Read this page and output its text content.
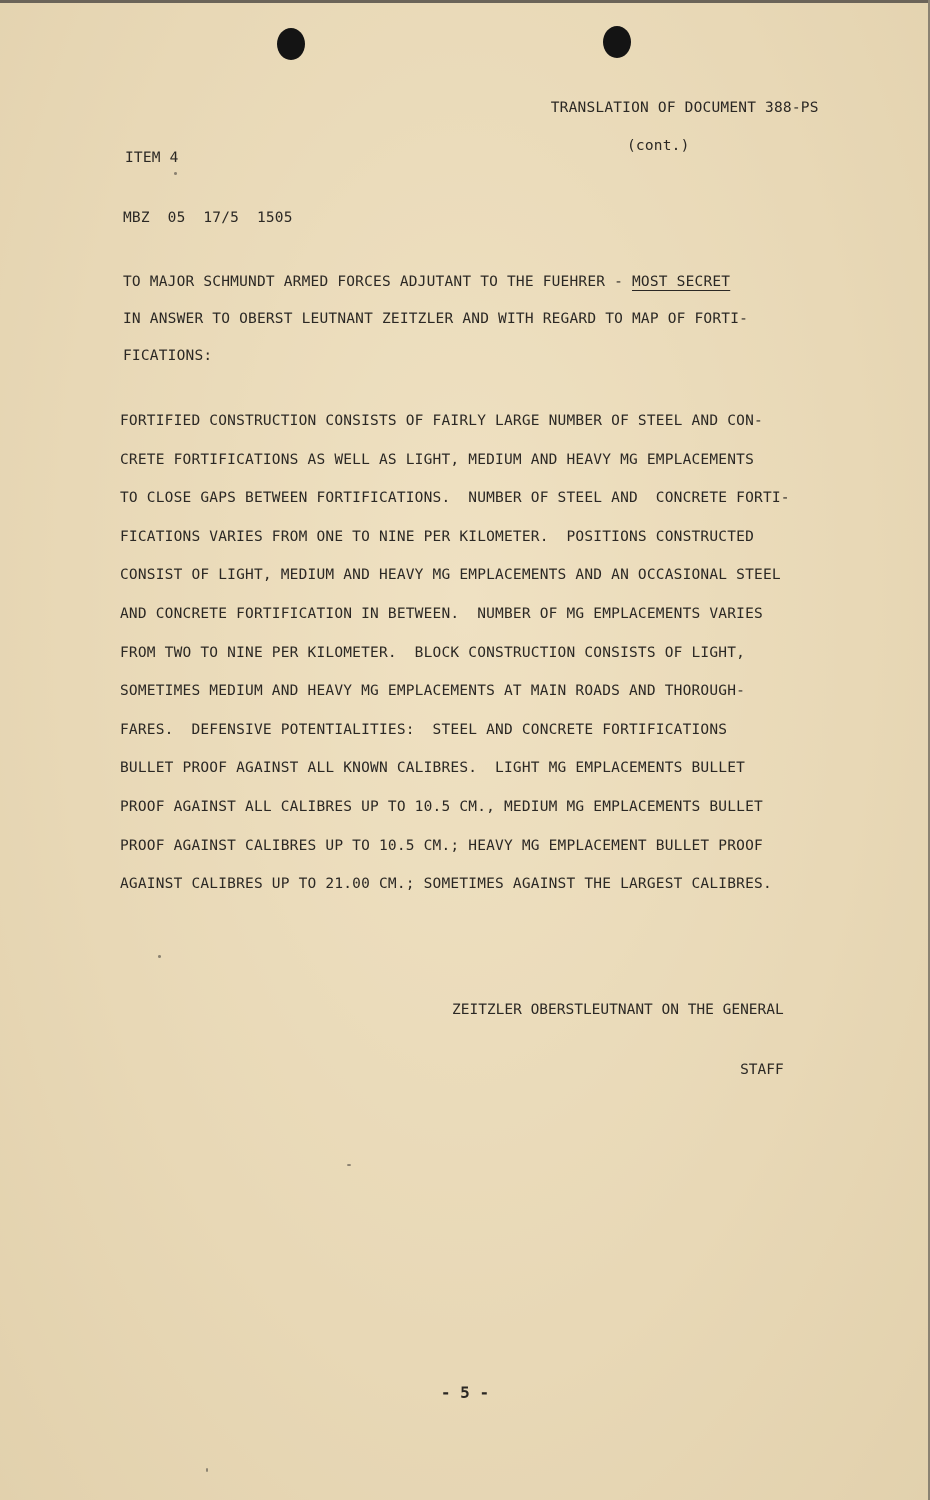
TRANSLATION OF DOCUMENT 388-PS

(cont.)

ITEM 4
MBZ  05  17/5  1505
TO MAJOR SCHMUNDT ARMED FORCES ADJUTANT TO THE FUEHRER - MOST SECRET
IN ANSWER TO OBERST LEUTNANT ZEITZLER AND WITH REGARD TO MAP OF FORTI-
FICATIONS:
FORTIFIED CONSTRUCTION CONSISTS OF FAIRLY LARGE NUMBER OF STEEL AND CON-
CRETE FORTIFICATIONS AS WELL AS LIGHT, MEDIUM AND HEAVY MG EMPLACEMENTS
TO CLOSE GAPS BETWEEN FORTIFICATIONS.  NUMBER OF STEEL AND  CONCRETE FORTI-
FICATIONS VARIES FROM ONE TO NINE PER KILOMETER.  POSITIONS CONSTRUCTED
CONSIST OF LIGHT, MEDIUM AND HEAVY MG EMPLACEMENTS AND AN OCCASIONAL STEEL
AND CONCRETE FORTIFICATION IN BETWEEN.  NUMBER OF MG EMPLACEMENTS VARIES
FROM TWO TO NINE PER KILOMETER.  BLOCK CONSTRUCTION CONSISTS OF LIGHT,
SOMETIMES MEDIUM AND HEAVY MG EMPLACEMENTS AT MAIN ROADS AND THOROUGH-
FARES.  DEFENSIVE POTENTIALITIES:  STEEL AND CONCRETE FORTIFICATIONS
BULLET PROOF AGAINST ALL KNOWN CALIBRES.  LIGHT MG EMPLACEMENTS BULLET
PROOF AGAINST ALL CALIBRES UP TO 10.5 CM., MEDIUM MG EMPLACEMENTS BULLET
PROOF AGAINST CALIBRES UP TO 10.5 CM.; HEAVY MG EMPLACEMENT BULLET PROOF
AGAINST CALIBRES UP TO 21.00 CM.; SOMETIMES AGAINST THE LARGEST CALIBRES.

ZEITZLER OBERSTLEUTNANT ON THE GENERAL

STAFF

- 5 -
